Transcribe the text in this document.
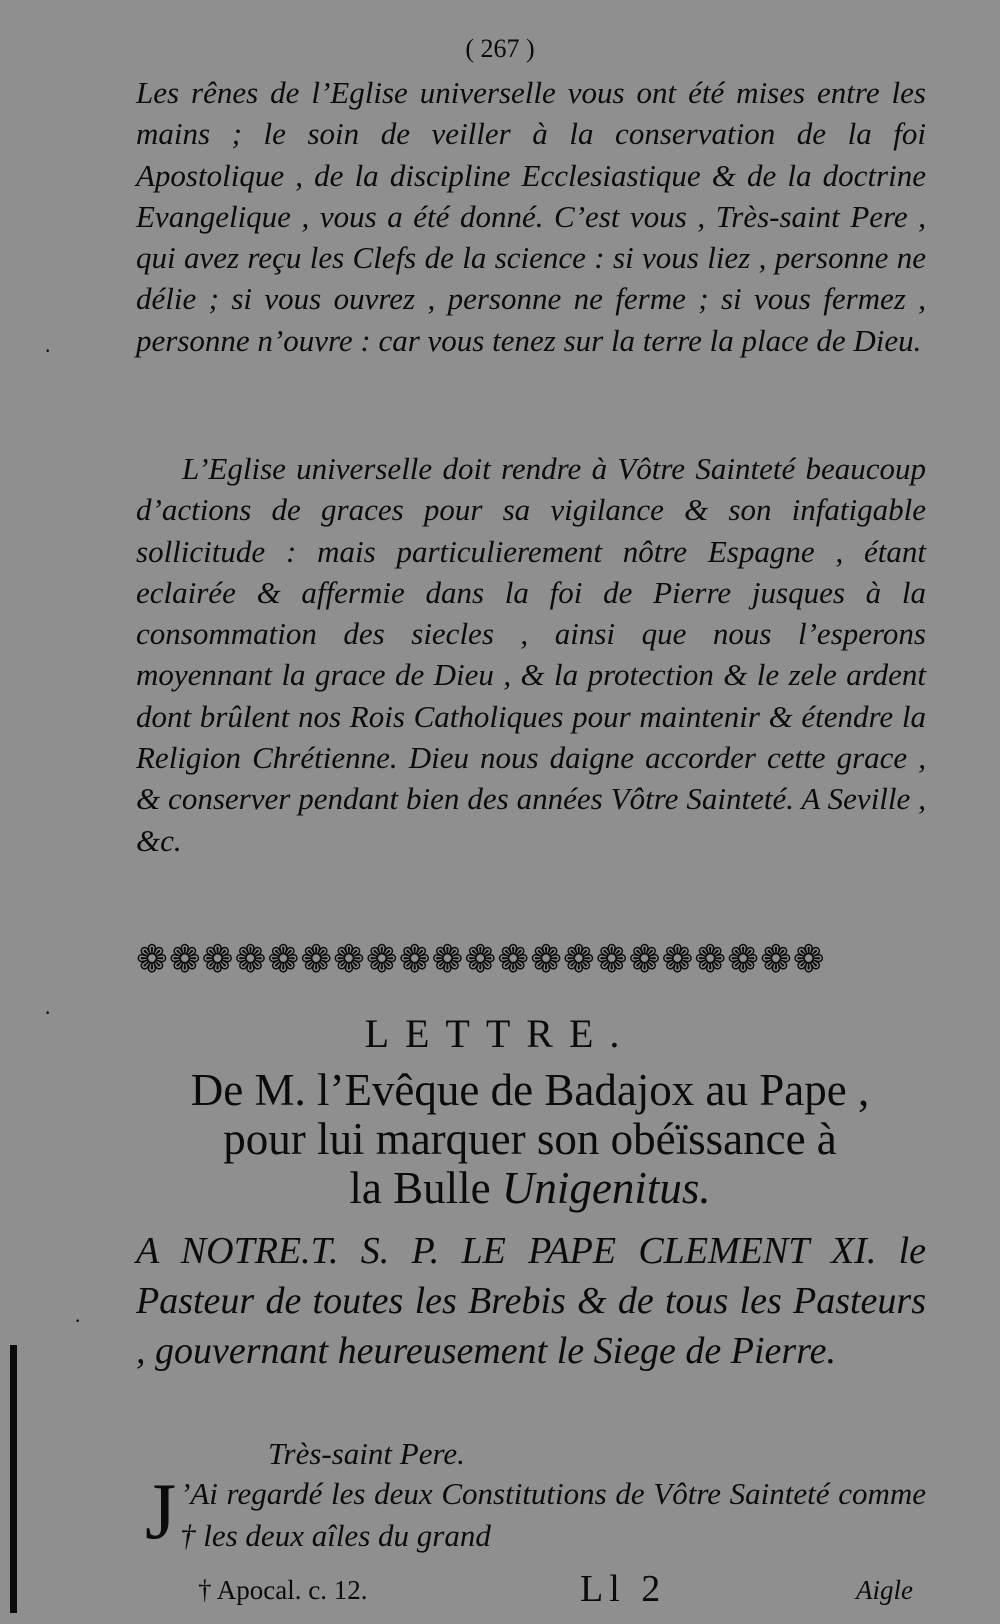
( 267 )

Les rênes de l’Eglise universelle vous ont été mises entre les mains ; le soin de veiller à la conservation de la foi Apostolique , de la discipline Ecclesiastique & de la doctrine Evangelique , vous a été donné. C’est vous , Très-saint Pere , qui avez reçu les Clefs de la science : si vous liez , personne ne délie ; si vous ouvrez , personne ne ferme ; si vous fermez , personne n’ouvre : car vous tenez sur la terre la place de Dieu.

L’Eglise universelle doit rendre à Vôtre Sainteté beaucoup d’actions de graces pour sa vigilance & son infatigable sollicitude : mais particulierement nôtre Espagne , étant eclairée & affermie dans la foi de Pierre jusques à la consommation des siecles , ainsi que nous l’esperons moyennant la grace de Dieu , & la protection & le zele ardent dont brûlent nos Rois Catholiques pour maintenir & étendre la Religion Chrétienne. Dieu nous daigne accorder cette grace , & conserver pendant bien des années Vôtre Sainteté. A Seville , &c.

❁❁❁❁❁❁❁❁❁❁❁❁❁❁❁❁❁❁❁❁❁
LETTRE.

De M. l’Evêque de Badajox au Pape ,
pour lui marquer son obéïssance à
la Bulle Unigenitus.

A NOTRE.T. S. P. LE PAPE CLEMENT XI. le Pasteur de toutes les Brebis & de tous les Pasteurs , gouvernant heureusement le Siege de Pierre.

Très-saint Pere.
J ’Ai regardé les deux Constitutions de Vôtre Sainteté comme † les deux aîles du grand

† Apocal. c. 12.	Ll 2	Aigle
·
·
·
